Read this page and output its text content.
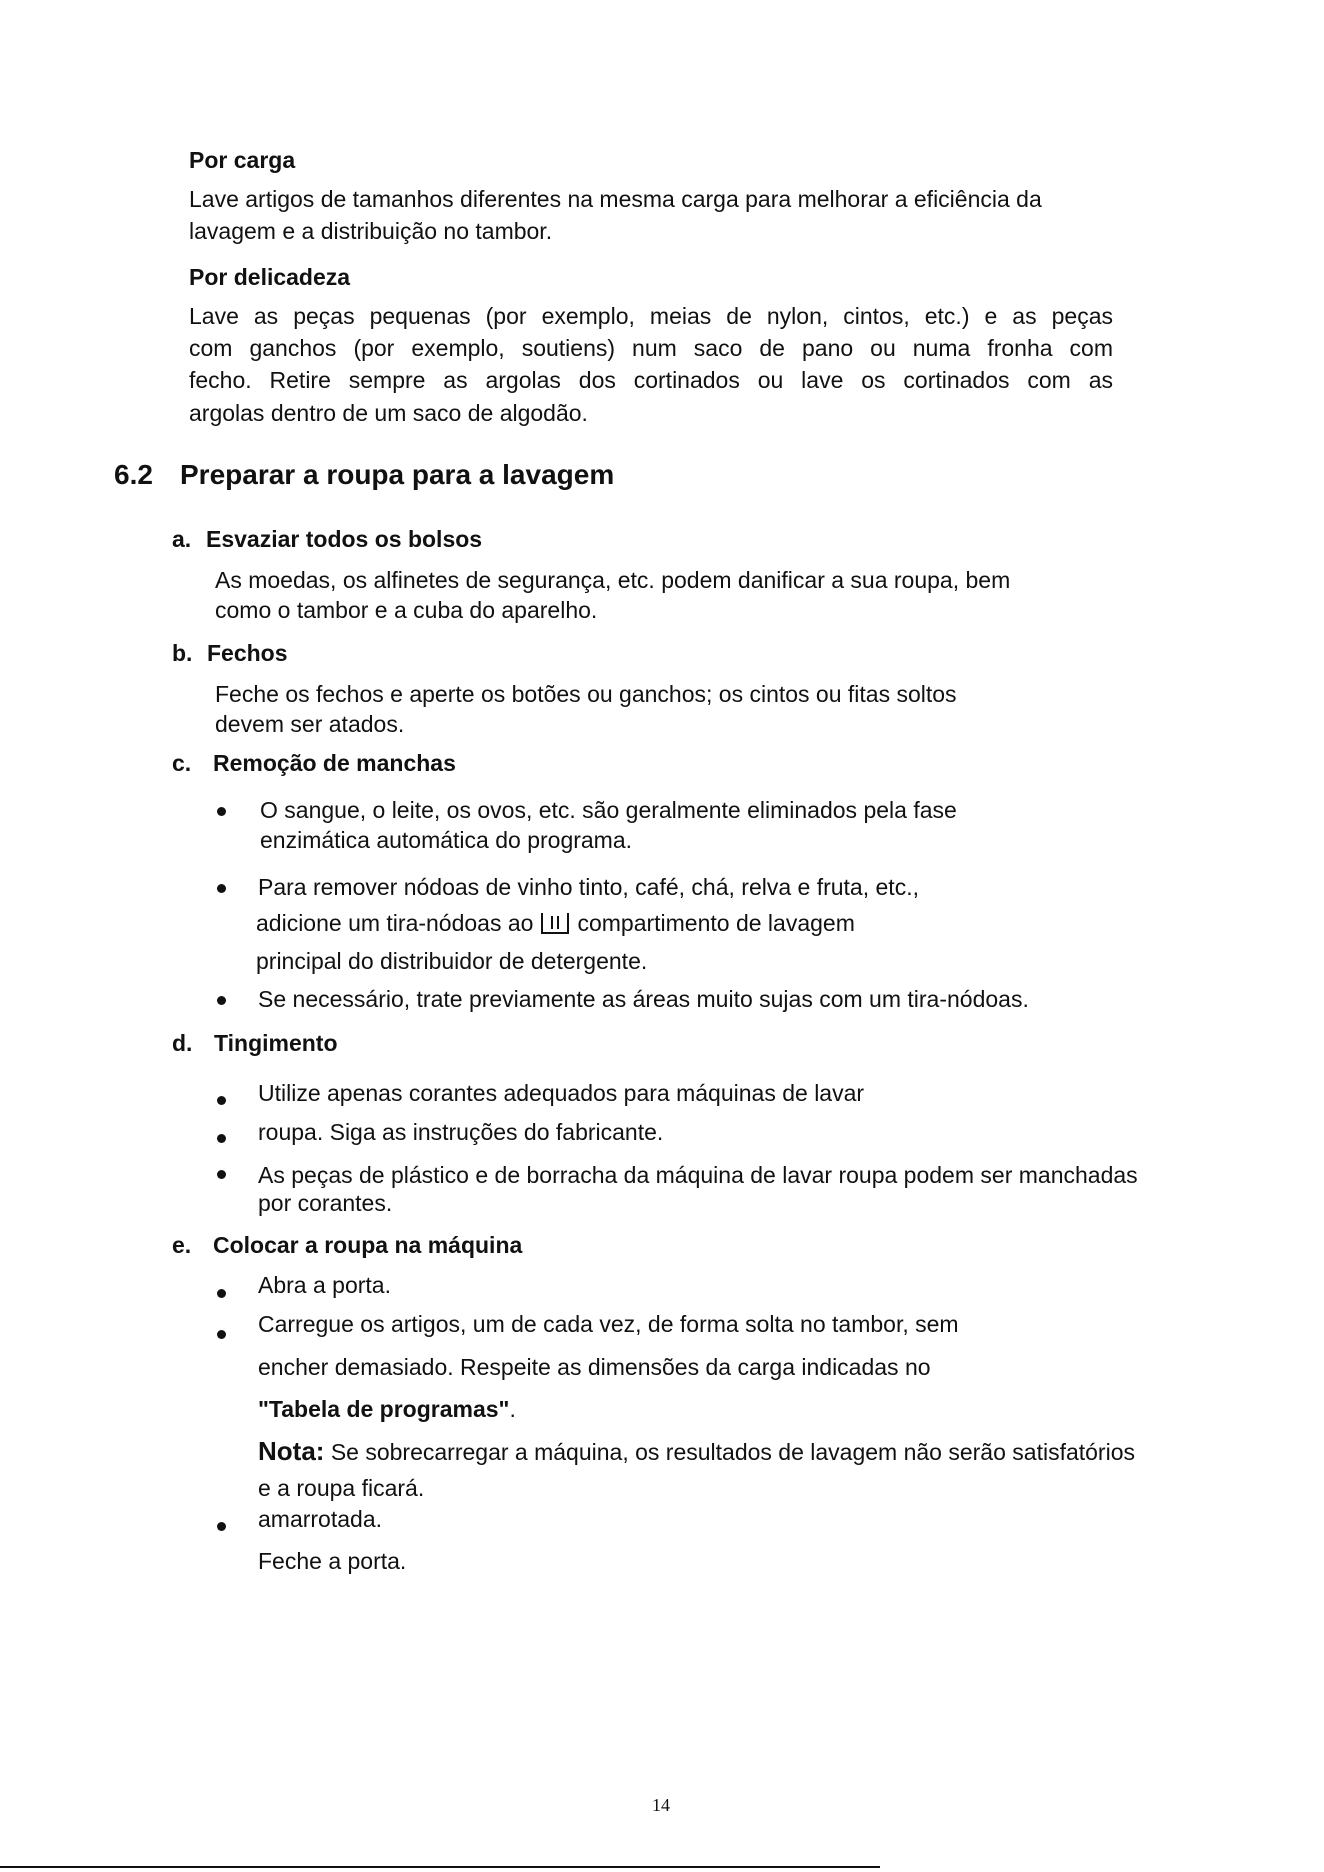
Por carga
Lave artigos de tamanhos diferentes na mesma carga para melhorar a eficiência da
lavagem e a distribuição no tambor.
Por delicadeza
Lave as peças pequenas (por exemplo, meias de nylon, cintos, etc.) e as peças
com ganchos (por exemplo, soutiens) num saco de pano ou numa fronha com
fecho. Retire sempre as argolas dos cortinados ou lave os cortinados com as
argolas dentro de um saco de algodão.
6.2 Preparar a roupa para a lavagem
a. Esvaziar todos os bolsos
As moedas, os alfinetes de segurança, etc. podem danificar a sua roupa, bem
como o tambor e a cuba do aparelho.
b. Fechos
Feche os fechos e aperte os botões ou ganchos; os cintos ou fitas soltos
devem ser atados.
c. Remoção de manchas
O sangue, o leite, os ovos, etc. são geralmente eliminados pela fase
enzimática automática do programa.
Para remover nódoas de vinho tinto, café, chá, relva e fruta, etc.,
adicione um tira-nódoas ao compartimento de lavagem
principal do distribuidor de detergente.
Se necessário, trate previamente as áreas muito sujas com um tira-nódoas.
d. Tingimento
Utilize apenas corantes adequados para máquinas de lavar
roupa. Siga as instruções do fabricante.
As peças de plástico e de borracha da máquina de lavar roupa podem ser manchadas
por corantes.
e. Colocar a roupa na máquina
Abra a porta.
Carregue os artigos, um de cada vez, de forma solta no tambor, sem
encher demasiado. Respeite as dimensões da carga indicadas no
"Tabela de programas".
Nota: Se sobrecarregar a máquina, os resultados de lavagem não serão satisfatórios
e a roupa ficará.
amarrotada.
Feche a porta.
14
